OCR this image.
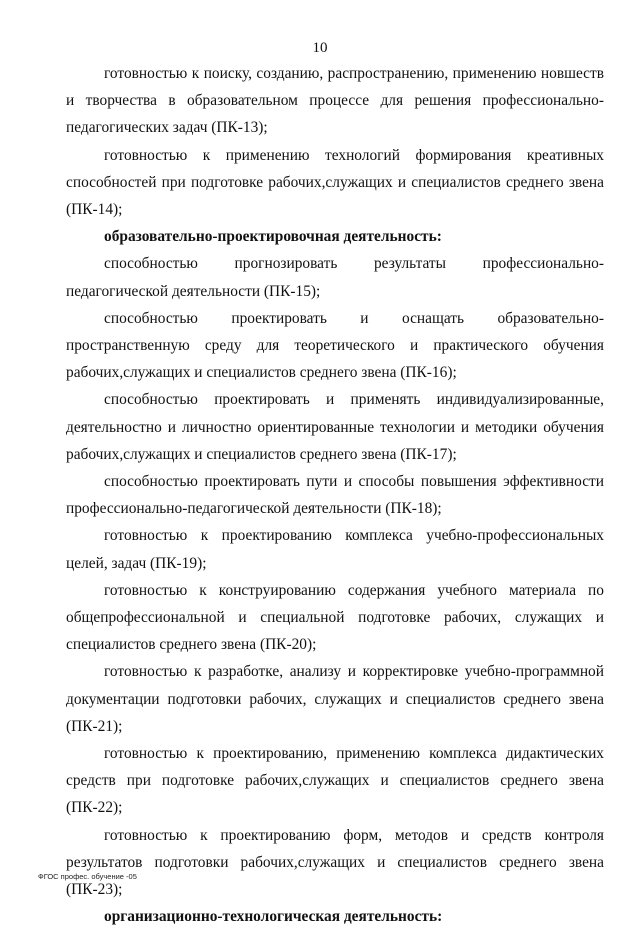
10

готовностью к поиску, созданию, распространению, применению новшеств и творчества в образовательном процессе для решения профессионально-педагогических задач (ПК-13);

готовностью к применению технологий формирования креативных способностей при подготовке рабочих,служащих и специалистов среднего звена (ПК-14);

образовательно-проектировочная деятельность:

способностью прогнозировать результаты профессионально-педагогической деятельности (ПК-15);

способностью проектировать и оснащать образовательно-пространственную среду для теоретического и практического обучения рабочих,служащих и специалистов среднего звена (ПК-16);

способностью проектировать и применять индивидуализированные, деятельностно и личностно ориентированные технологии и методики обучения рабочих,служащих и специалистов среднего звена (ПК-17);

способностью проектировать пути и способы повышения эффективности профессионально-педагогической деятельности (ПК-18);

готовностью к проектированию комплекса учебно-профессиональных целей, задач (ПК-19);

готовностью к конструированию содержания учебного материала по общепрофессиональной и специальной подготовке рабочих, служащих и специалистов среднего звена (ПК-20);

готовностью к разработке, анализу и корректировке учебно-программной документации подготовки рабочих, служащих и специалистов среднего звена (ПК-21);

готовностью к проектированию, применению комплекса дидактических средств при подготовке рабочих,служащих и специалистов среднего звена (ПК-22);

готовностью к проектированию форм, методов и средств контроля результатов подготовки рабочих,служащих и специалистов среднего звена (ПК-23);

организационно-технологическая деятельность:

ФГОС профес. обучение -05
